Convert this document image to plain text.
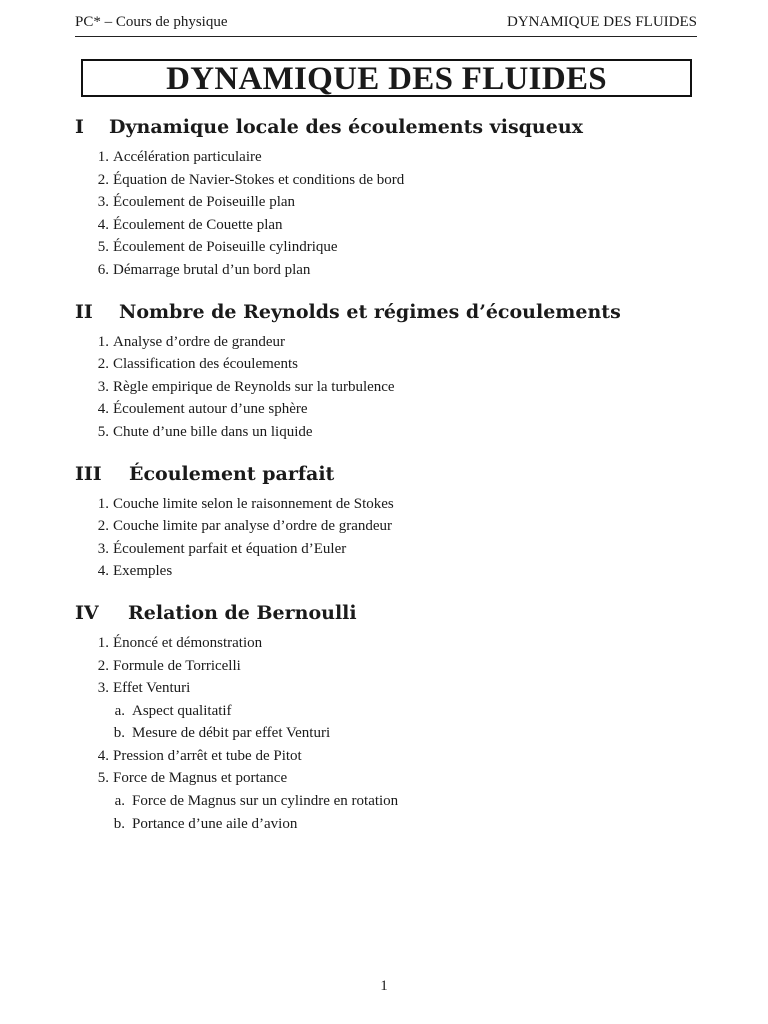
PC* – Cours de physique	DYNAMIQUE DES FLUIDES
DYNAMIQUE DES FLUIDES
I	Dynamique locale des écoulements visqueux
1. Accélération particulaire
2. Équation de Navier-Stokes et conditions de bord
3. Écoulement de Poiseuille plan
4. Écoulement de Couette plan
5. Écoulement de Poiseuille cylindrique
6. Démarrage brutal d’un bord plan
II	Nombre de Reynolds et régimes d’écoulements
1. Analyse d’ordre de grandeur
2. Classification des écoulements
3. Règle empirique de Reynolds sur la turbulence
4. Écoulement autour d’une sphère
5. Chute d’une bille dans un liquide
III	Écoulement parfait
1. Couche limite selon le raisonnement de Stokes
2. Couche limite par analyse d’ordre de grandeur
3. Écoulement parfait et équation d’Euler
4. Exemples
IV	Relation de Bernoulli
1. Énoncé et démonstration
2. Formule de Torricelli
3. Effet Venturi
a. Aspect qualitatif
b. Mesure de débit par effet Venturi
4. Pression d’arrêt et tube de Pitot
5. Force de Magnus et portance
a. Force de Magnus sur un cylindre en rotation
b. Portance d’une aile d’avion
1
